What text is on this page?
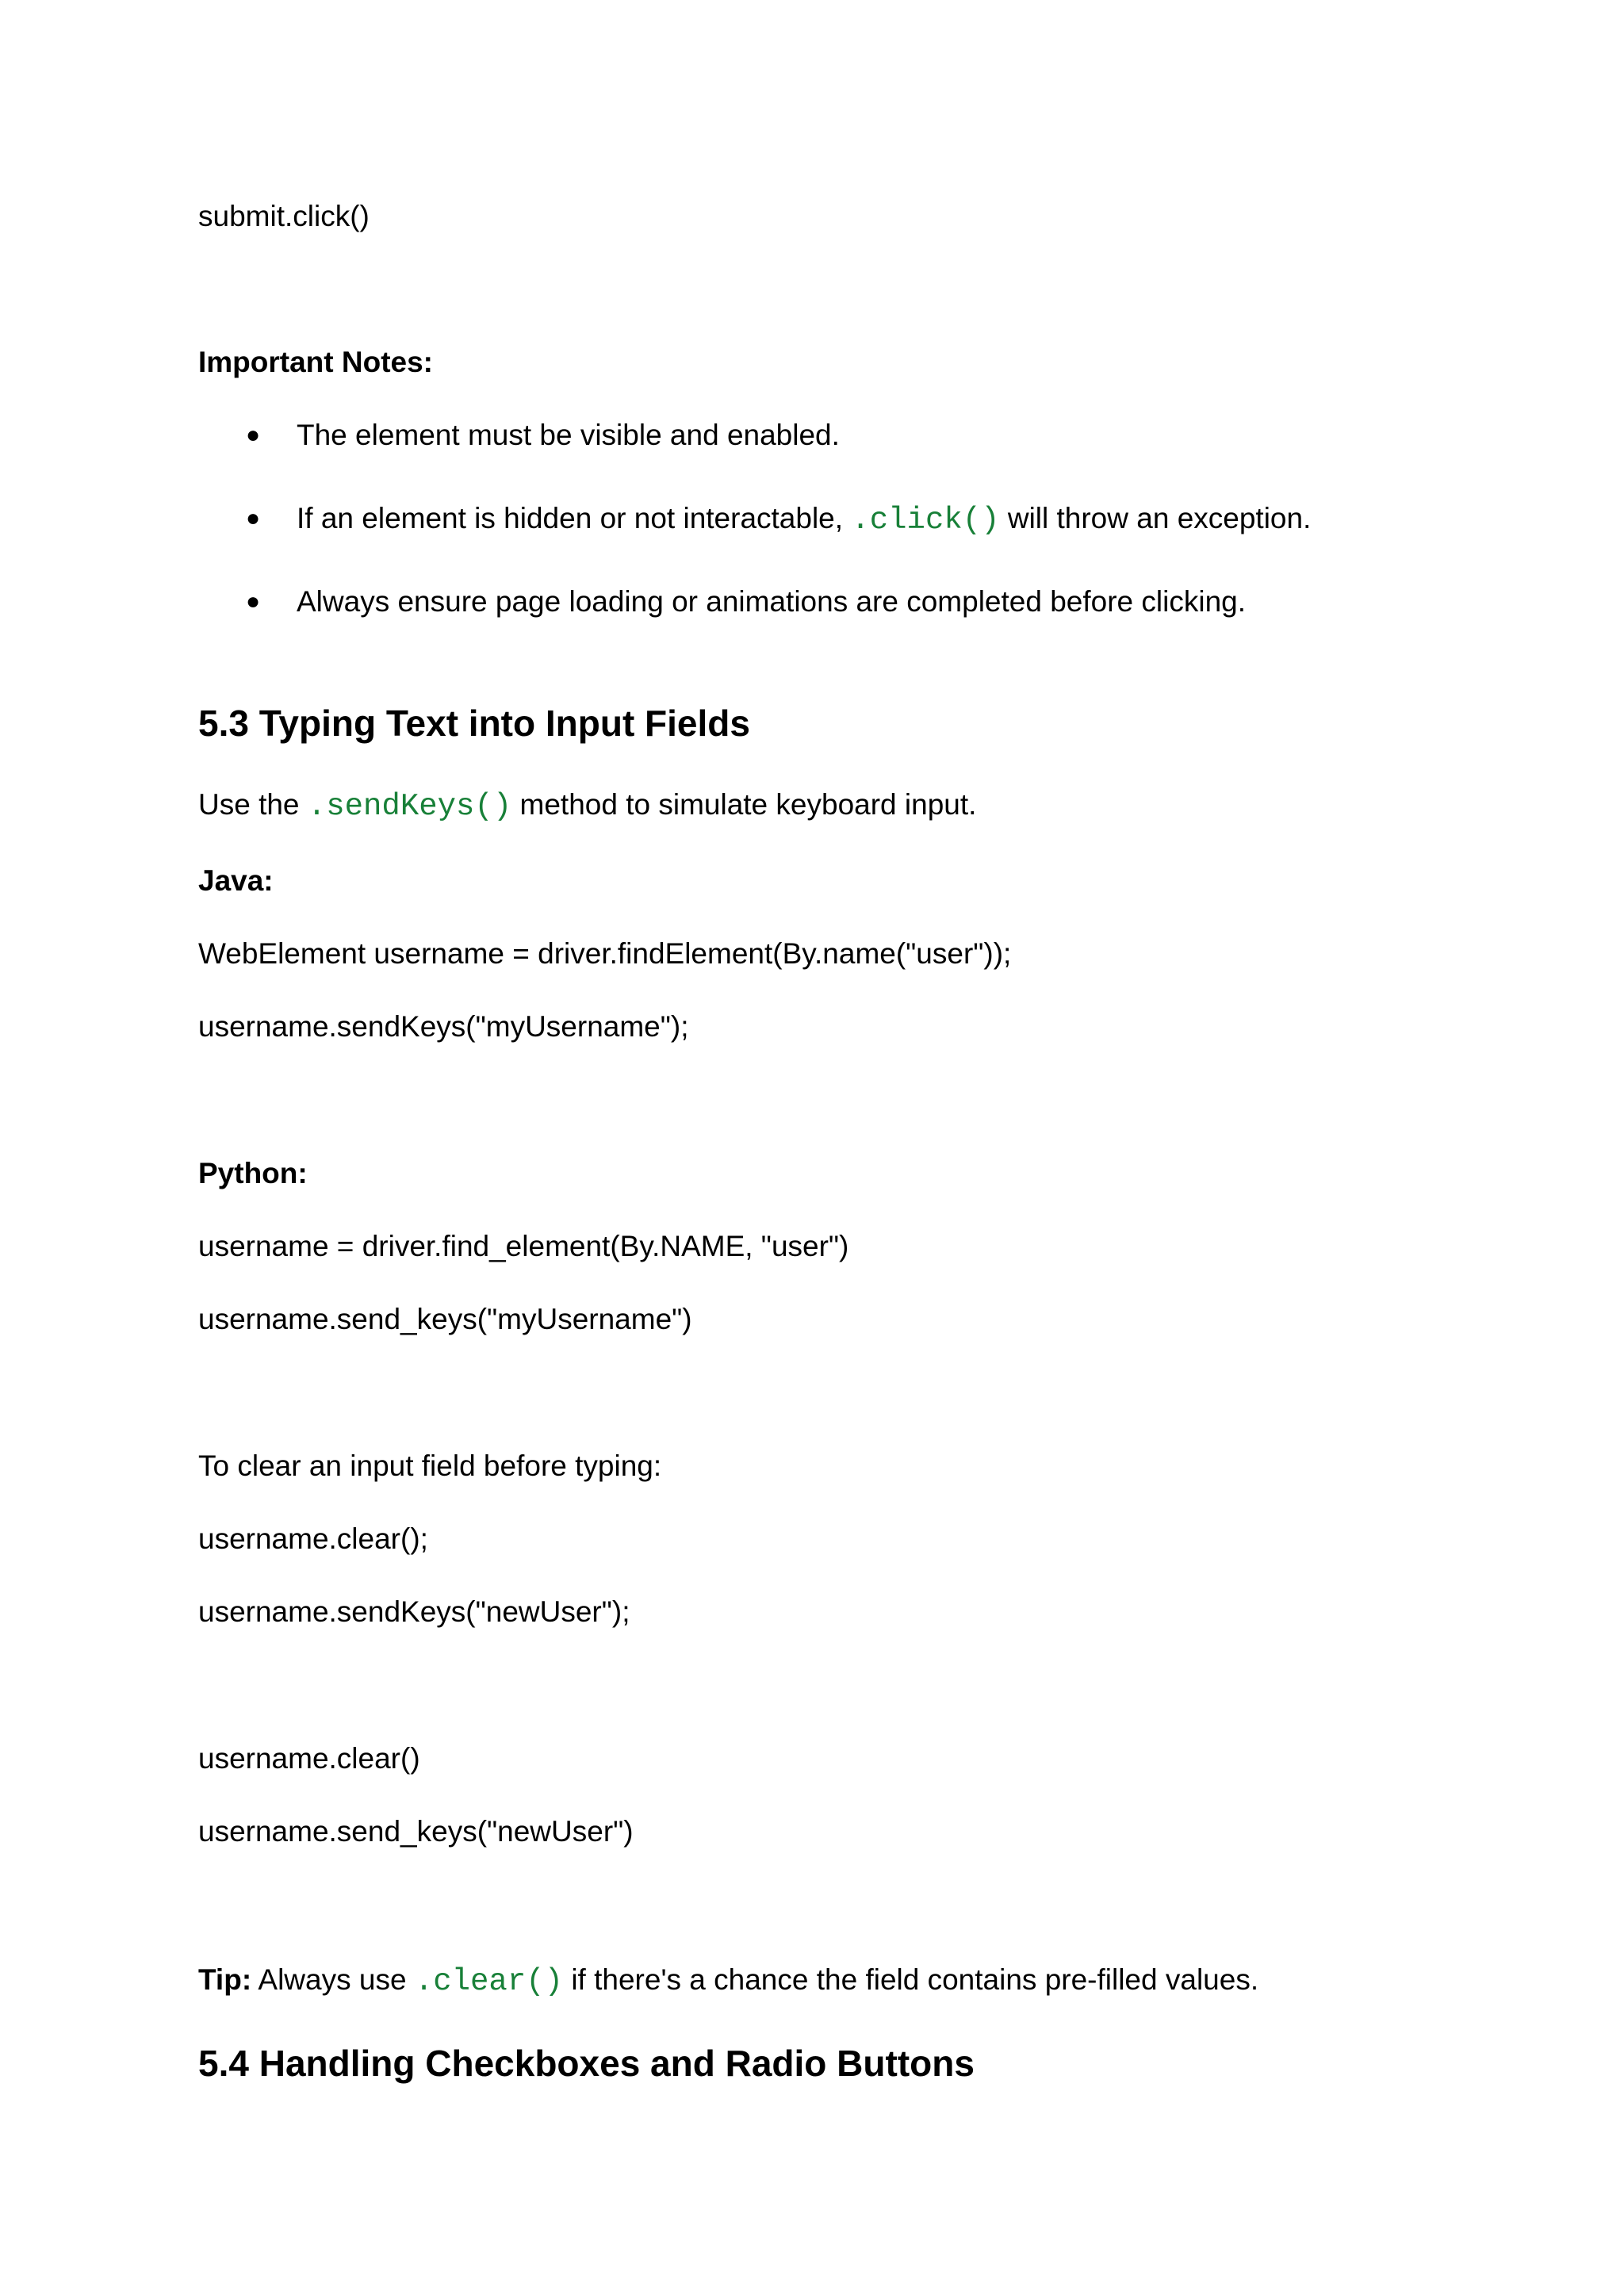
submit.click()
Important Notes:
●	The element must be visible and enabled.
●	If an element is hidden or not interactable, .click() will throw an exception.
●	Always ensure page loading or animations are completed before clicking.
5.3 Typing Text into Input Fields
Use the .sendKeys() method to simulate keyboard input.
Java:
WebElement username = driver.findElement(By.name("user"));
username.sendKeys("myUsername");
Python:
username = driver.find_element(By.NAME, "user")
username.send_keys("myUsername")
To clear an input field before typing:
username.clear();
username.sendKeys("newUser");
username.clear()
username.send_keys("newUser")
Tip: Always use .clear() if there's a chance the field contains pre-filled values.
5.4 Handling Checkboxes and Radio Buttons
